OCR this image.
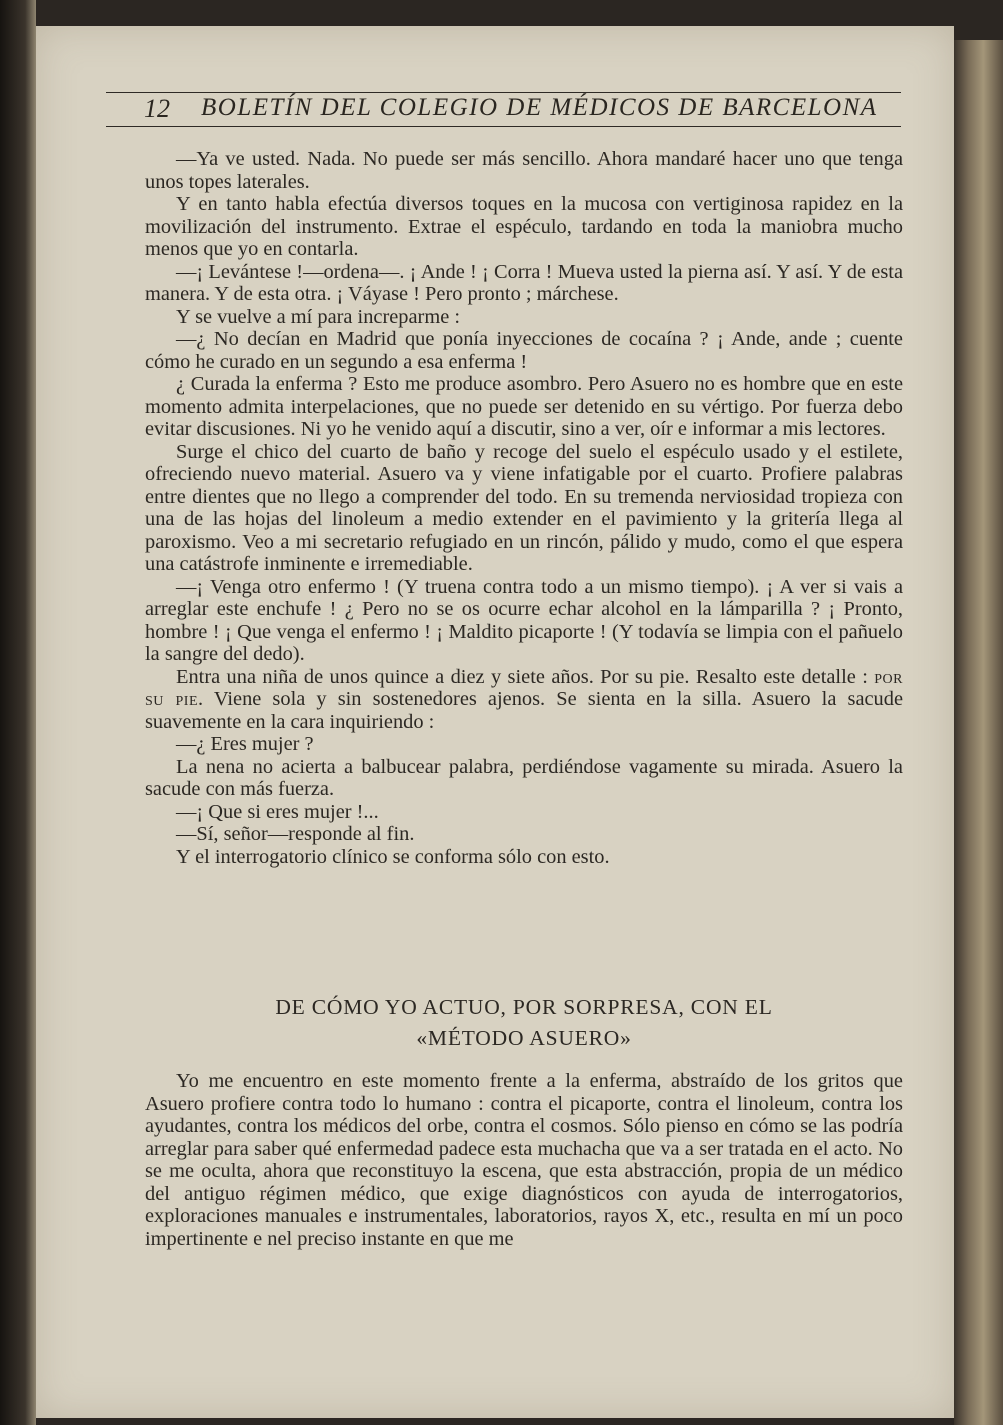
12 BOLETÍN DEL COLEGIO DE MÉDICOS DE BARCELONA

—Ya ve usted. Nada. No puede ser más sencillo. Ahora mandaré hacer uno que tenga unos topes laterales.

Y en tanto habla efectúa diversos toques en la mucosa con vertiginosa rapidez en la movilización del instrumento. Extrae el espéculo, tardando en toda la maniobra mucho menos que yo en contarla.

—¡ Levántese !—ordena—. ¡ Ande ! ¡ Corra ! Mueva usted la pierna así. Y así. Y de esta manera. Y de esta otra. ¡ Váyase ! Pero pronto ; márchese.

Y se vuelve a mí para increparme :

—¿ No decían en Madrid que ponía inyecciones de cocaína ? ¡ Ande, ande ; cuente cómo he curado en un segundo a esa enferma !

¿ Curada la enferma ? Esto me produce asombro. Pero Asuero no es hombre que en este momento admita interpelaciones, que no puede ser detenido en su vértigo. Por fuerza debo evitar discusiones. Ni yo he venido aquí a discutir, sino a ver, oír e informar a mis lectores.

Surge el chico del cuarto de baño y recoge del suelo el espéculo usado y el estilete, ofreciendo nuevo material. Asuero va y viene infatigable por el cuarto. Profiere palabras entre dientes que no llego a comprender del todo. En su tremenda nerviosidad tropieza con una de las hojas del linoleum a medio extender en el pavimiento y la gritería llega al paroxismo. Veo a mi secretario refugiado en un rincón, pálido y mudo, como el que espera una catástrofe inminente e irremediable.

—¡ Venga otro enfermo ! (Y truena contra todo a un mismo tiempo). ¡ A ver si vais a arreglar este enchufe ! ¿ Pero no se os ocurre echar alcohol en la lámparilla ? ¡ Pronto, hombre ! ¡ Que venga el enfermo ! ¡ Maldito picaporte ! (Y todavía se limpia con el pañuelo la sangre del dedo).

Entra una niña de unos quince a diez y siete años. Por su pie. Resalto este detalle : por su pie. Viene sola y sin sostenedores ajenos. Se sienta en la silla. Asuero la sacude suavemente en la cara inquiriendo :

—¿ Eres mujer ?

La nena no acierta a balbucear palabra, perdiéndose vagamente su mirada. Asuero la sacude con más fuerza.

—¡ Que si eres mujer !...

—Sí, señor—responde al fin.

Y el interrogatorio clínico se conforma sólo con esto.

DE CÓMO YO ACTUO, POR SORPRESA, CON EL
«MÉTODO ASUERO»

Yo me encuentro en este momento frente a la enferma, abstraído de los gritos que Asuero profiere contra todo lo humano : contra el picaporte, contra el linoleum, contra los ayudantes, contra los médicos del orbe, contra el cosmos. Sólo pienso en cómo se las podría arreglar para saber qué enfermedad padece esta muchacha que va a ser tratada en el acto. No se me oculta, ahora que reconstituyo la escena, que esta abstracción, propia de un médico del antiguo régimen médico, que exige diagnósticos con ayuda de interrogatorios, exploraciones manuales e instrumentales, laboratorios, rayos X, etc., resulta en mí un poco impertinente e nel preciso instante en que me
